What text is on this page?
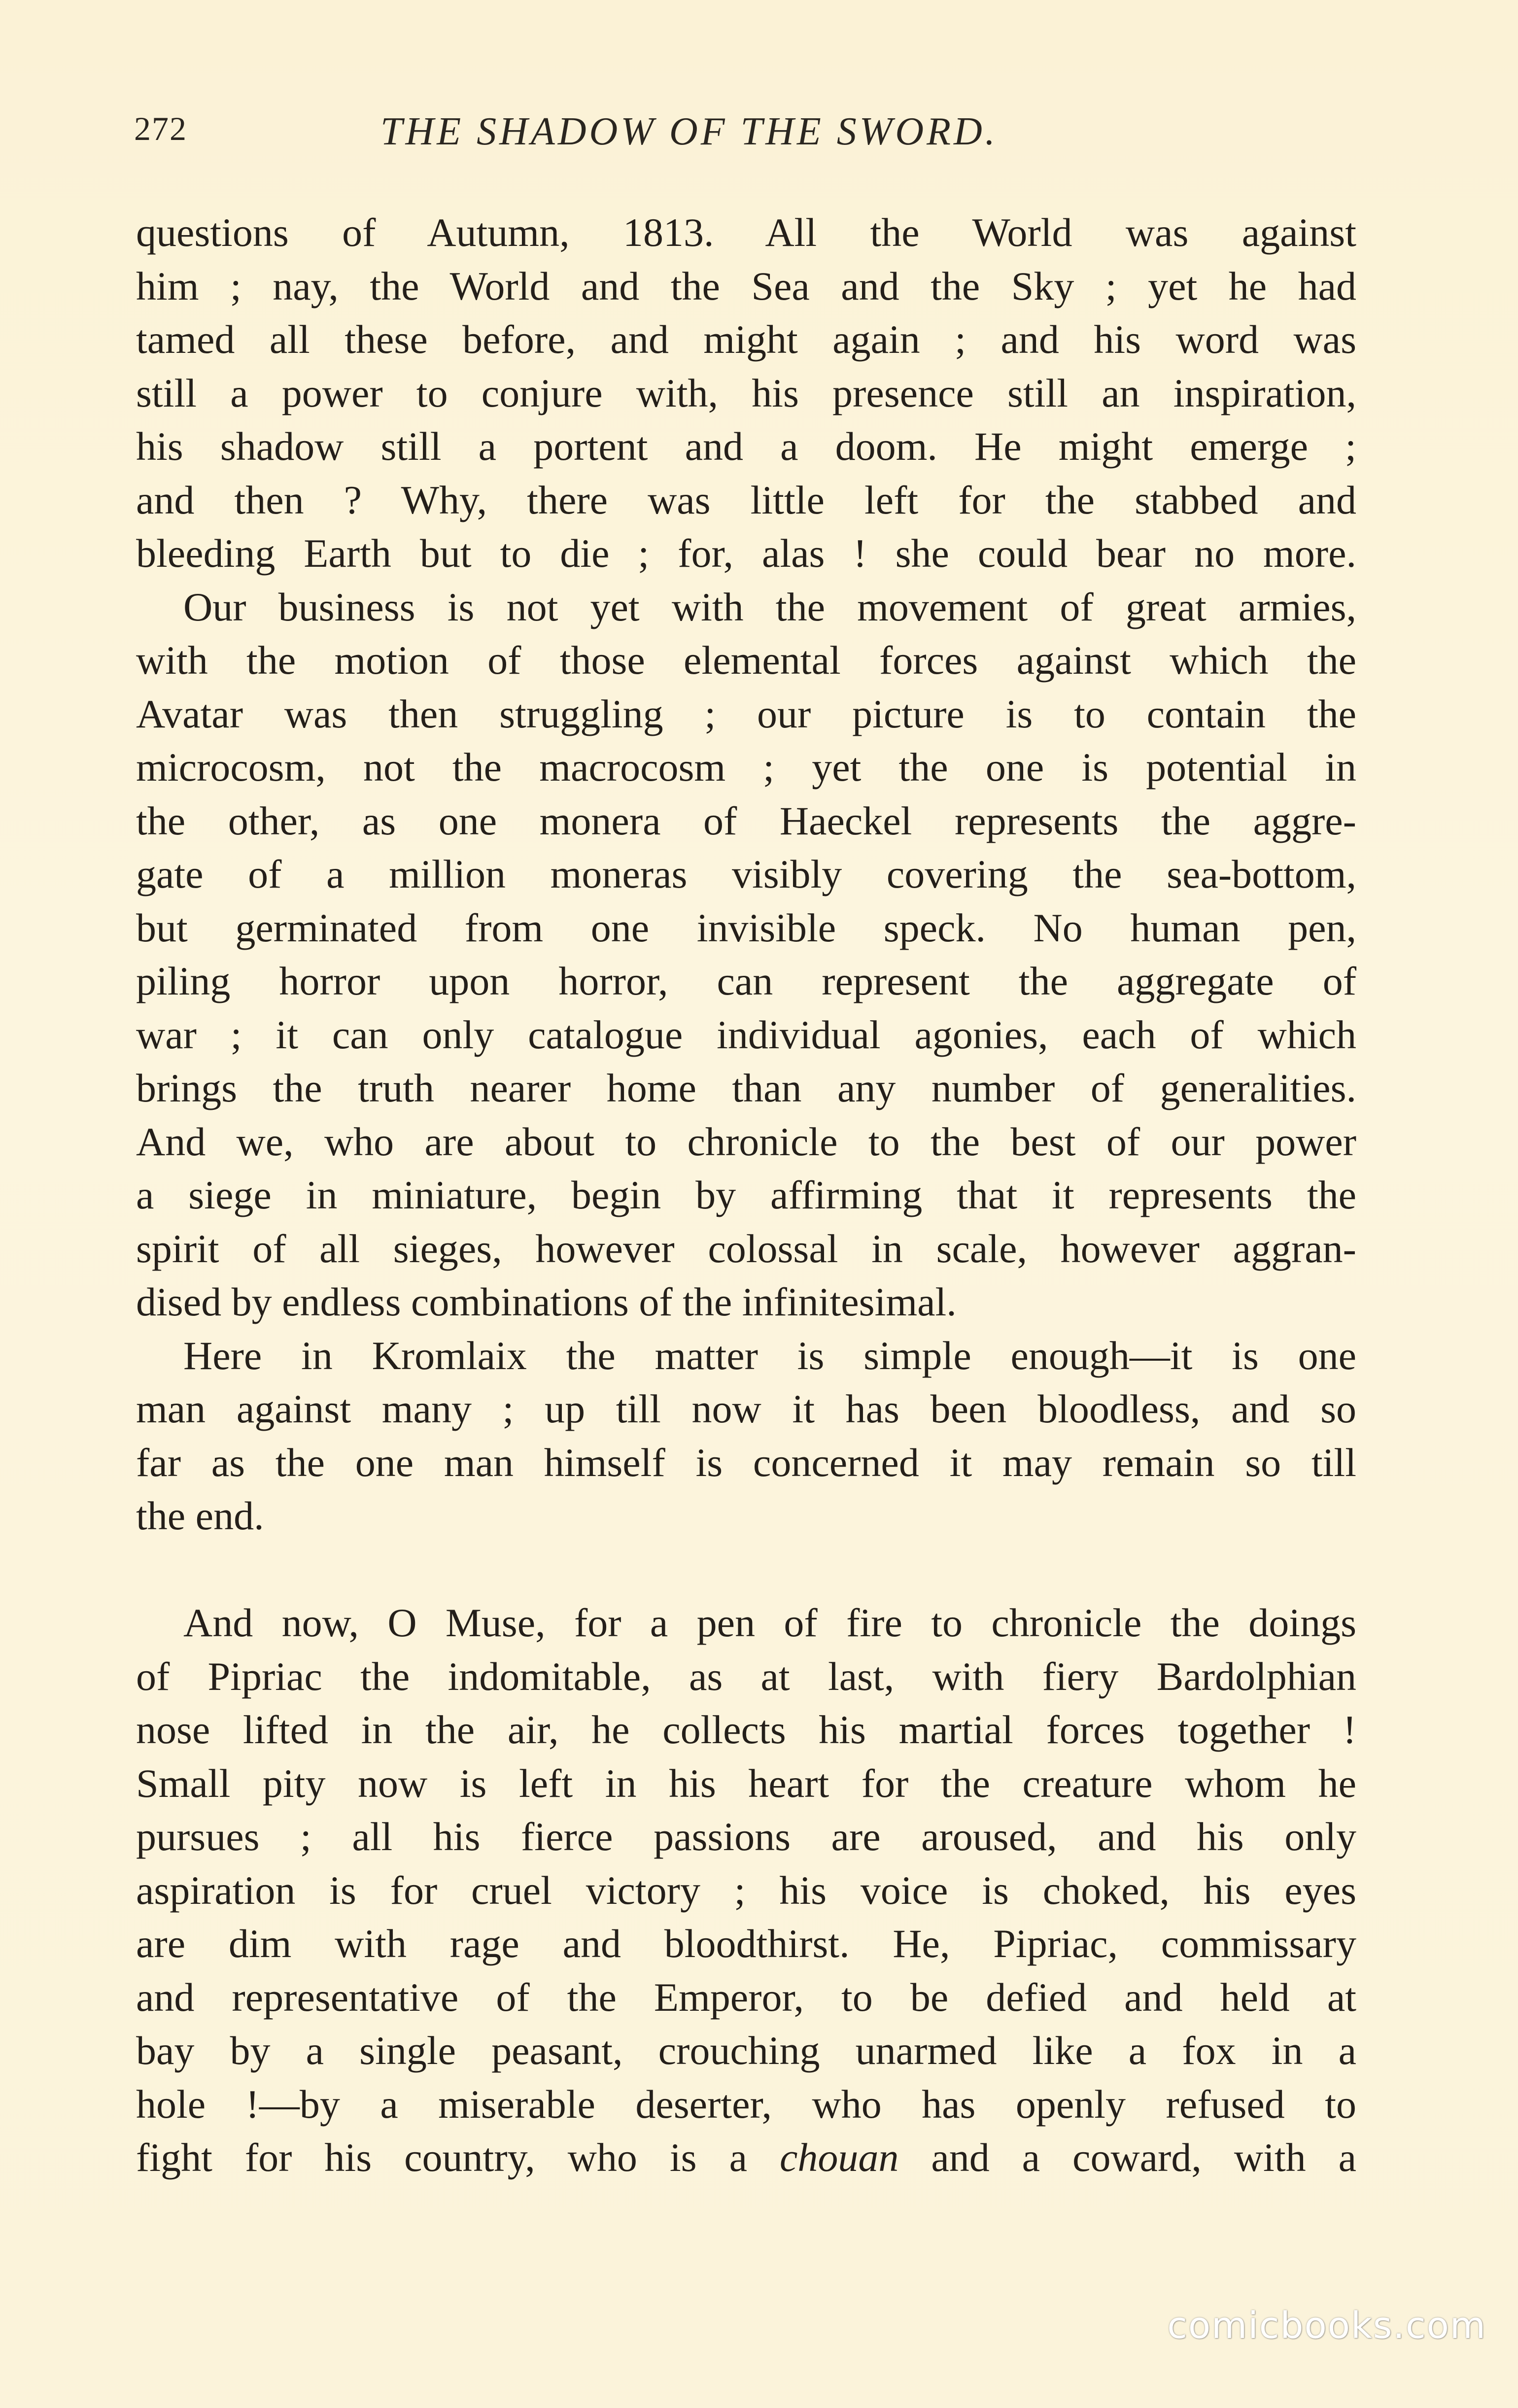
272	THE SHADOW OF THE SWORD.
questions of Autumn, 1813. All the World was against
him ; nay, the World and the Sea and the Sky ; yet he had
tamed all these before, and might again ; and his word was
still a power to conjure with, his presence still an inspiration,
his shadow still a portent and a doom. He might emerge ;
and then ? Why, there was little left for the stabbed and
bleeding Earth but to die ; for, alas ! she could bear no more.
Our business is not yet with the movement of great armies,
with the motion of those elemental forces against which the
Avatar was then struggling ; our picture is to contain the
microcosm, not the macrocosm ; yet the one is potential in
the other, as one monera of Haeckel represents the aggre-
gate of a million moneras visibly covering the sea-bottom,
but germinated from one invisible speck. No human pen,
piling horror upon horror, can represent the aggregate of
war ; it can only catalogue individual agonies, each of which
brings the truth nearer home than any number of generalities.
And we, who are about to chronicle to the best of our power
a siege in miniature, begin by affirming that it represents the
spirit of all sieges, however colossal in scale, however aggran-
dised by endless combinations of the infinitesimal.
Here in Kromlaix the matter is simple enough—it is one
man against many ; up till now it has been bloodless, and so
far as the one man himself is concerned it may remain so till
the end.
And now, O Muse, for a pen of fire to chronicle the doings
of Pipriac the indomitable, as at last, with fiery Bardolphian
nose lifted in the air, he collects his martial forces together !
Small pity now is left in his heart for the creature whom he
pursues ; all his fierce passions are aroused, and his only
aspiration is for cruel victory ; his voice is choked, his eyes
are dim with rage and bloodthirst. He, Pipriac, commissary
and representative of the Emperor, to be defied and held at
bay by a single peasant, crouching unarmed like a fox in a
hole !—by a miserable deserter, who has openly refused to
fight for his country, who is a chouan and a coward, with a
comicbooks.com
